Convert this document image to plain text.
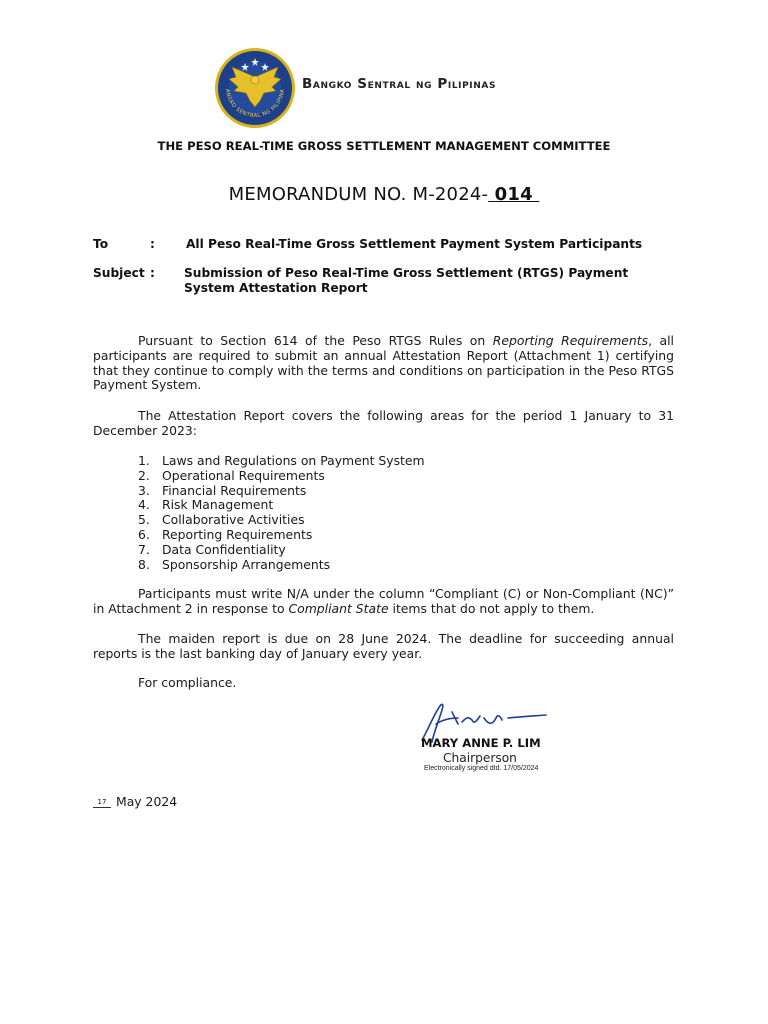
ANGKO SENTRAL NG PILIPINA Bangko Sentral ng Pilipinas
THE PESO REAL-TIME GROSS SETTLEMENT MANAGEMENT COMMITTEE
MEMORANDUM NO. M-2024- 014
To	:	All Peso Real-Time Gross Settlement Payment System Participants
Subject : Submission of Peso Real-Time Gross Settlement (RTGS) Payment
System Attestation Report
Pursuant to Section 614 of the Peso RTGS Rules on Reporting Requirements, all participants are required to submit an annual Attestation Report (Attachment 1) certifying that they continue to comply with the terms and conditions on participation in the Peso RTGS Payment System.
The Attestation Report covers the following areas for the period 1 January to 31 December 2023:
1. Laws and Regulations on Payment System
2. Operational Requirements
3. Financial Requirements
4. Risk Management
5. Collaborative Activities
6. Reporting Requirements
7. Data Confidentiality
8. Sponsorship Arrangements
Participants must write N/A under the column “Compliant (C) or Non-Compliant (NC)” in Attachment 2 in response to Compliant State items that do not apply to them.
The maiden report is due on 28 June 2024. The deadline for succeeding annual reports is the last banking day of January every year.
For compliance.
MARY ANNE P. LIM
Chairperson
Electronically signed dtd. 17/05/2024
17 May 2024
